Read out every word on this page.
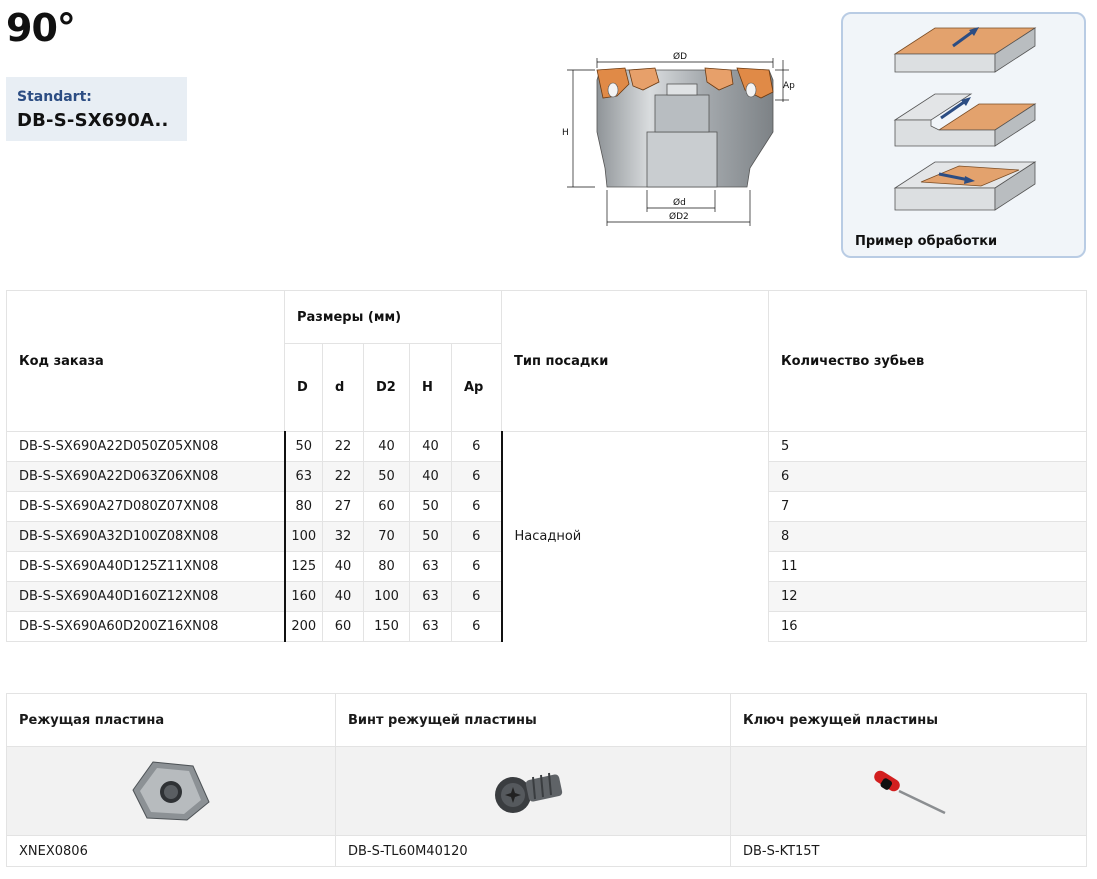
90°
Standart:
DB-S-SX690A..
ØD
Ap
H
Ød
ØD2
Пример обработки
Код заказа	Размеры (мм)					Тип посадки	Количество зубьев
	D	d	D2	H	Ap		
DB-S-SX690A22D050Z05XN08	50	22	40	40	6	Насадной	5
DB-S-SX690A22D063Z06XN08	63	22	50	40	6		6
DB-S-SX690A27D080Z07XN08	80	27	60	50	6		7
DB-S-SX690A32D100Z08XN08	100	32	70	50	6		8
DB-S-SX690A40D125Z11XN08	125	40	80	63	6		11
DB-S-SX690A40D160Z12XN08	160	40	100	63	6		12
DB-S-SX690A60D200Z16XN08	200	60	150	63	6		16
Режущая пластина	Винт режущей пластины	Ключ режущей пластины

XNEX0806	DB-S-TL60M40120	DB-S-KT15T
